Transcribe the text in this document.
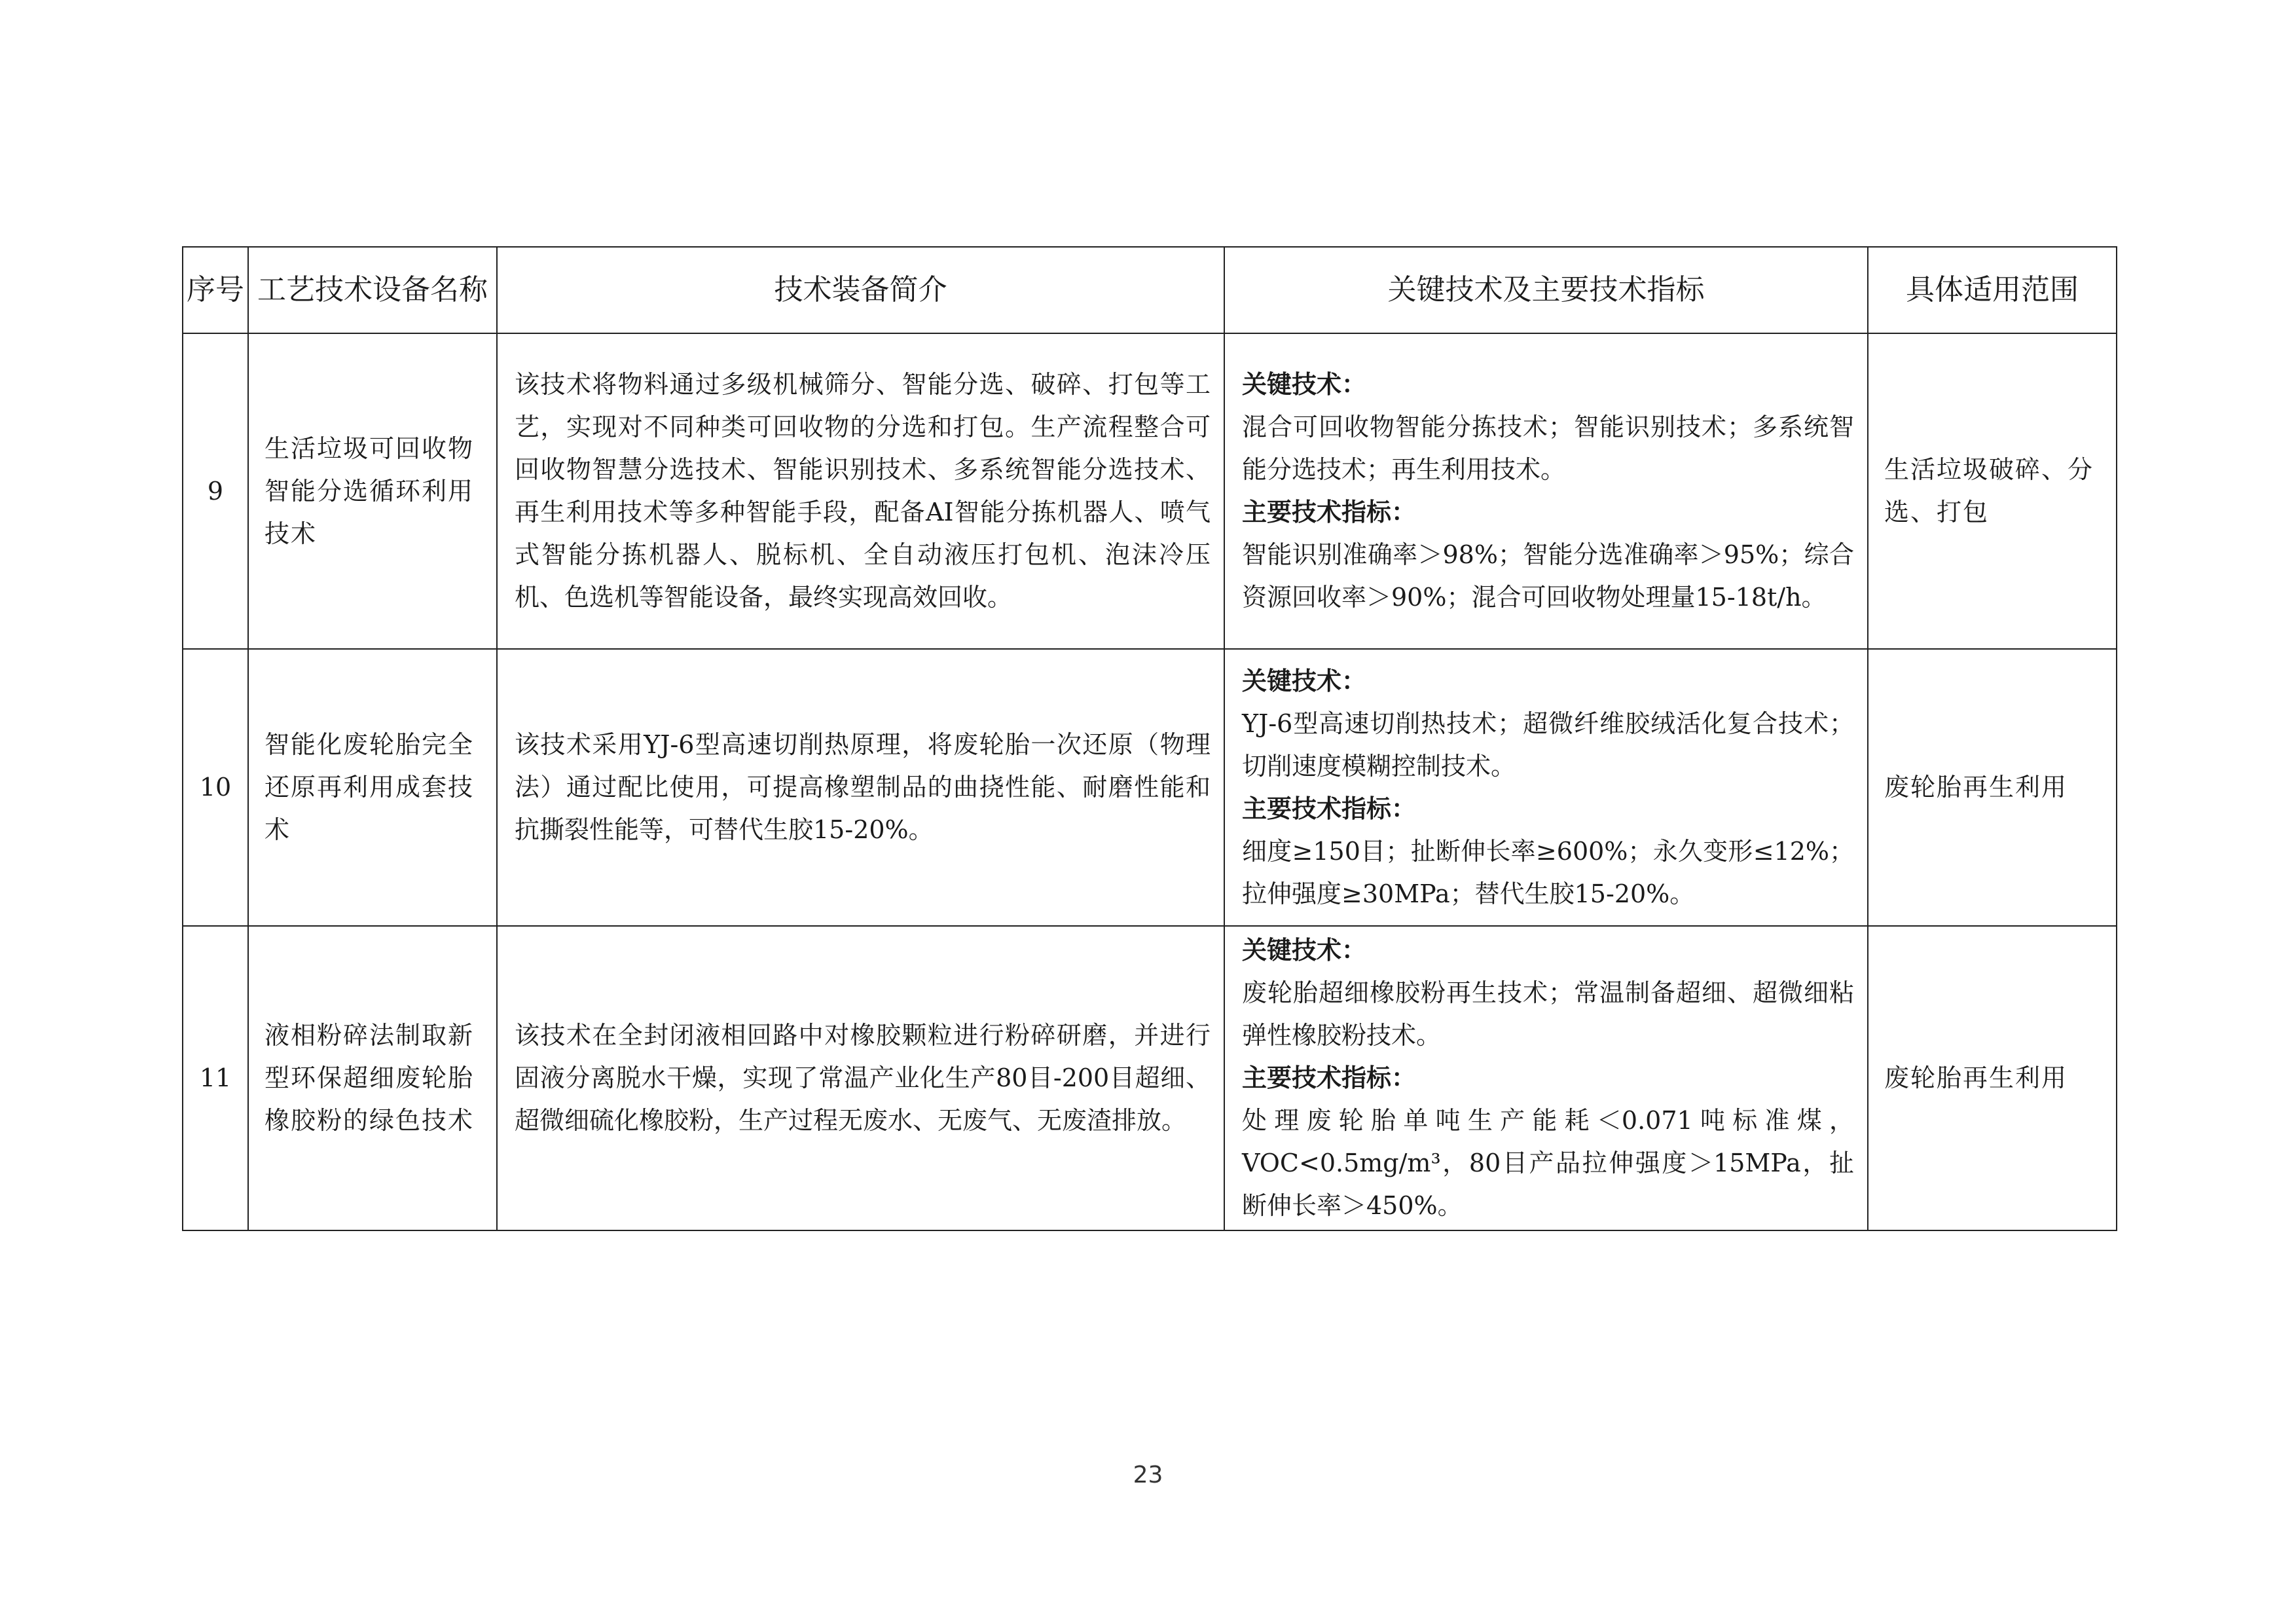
序号	工艺技术设备名称	技术装备简介	关键技术及主要技术指标	具体适用范围
9	生活垃圾可回收物智能分选循环利用技术	该技术将物料通过多级机械筛分、智能分选、破碎、打包等工艺，实现对不同种类可回收物的分选和打包。生产流程整合可回收物智慧分选技术、智能识别技术、多系统智能分选技术、再生利用技术等多种智能手段，配备AI智能分拣机器人、喷气式智能分拣机器人、脱标机、全自动液压打包机、泡沫冷压机、色选机等智能设备，最终实现高效回收。	关键技术：
混合可回收物智能分拣技术；智能识别技术；多系统智能分选技术；再生利用技术。
主要技术指标：
智能识别准确率＞98%；智能分选准确率＞95%；综合资源回收率＞90%；混合可回收物处理量15-18t/h。	生活垃圾破碎、分选、打包
10	智能化废轮胎完全还原再利用成套技术	该技术采用YJ-6型高速切削热原理，将废轮胎一次还原（物理法）通过配比使用，可提高橡塑制品的曲挠性能、耐磨性能和抗撕裂性能等，可替代生胶15-20%。	关键技术：
YJ-6型高速切削热技术；超微纤维胶绒活化复合技术；切削速度模糊控制技术。
主要技术指标：
细度≥150目；扯断伸长率≥600%；永久变形≤12%；拉伸强度≥30MPa；替代生胶15-20%。	废轮胎再生利用
11	液相粉碎法制取新型环保超细废轮胎橡胶粉的绿色技术	该技术在全封闭液相回路中对橡胶颗粒进行粉碎研磨，并进行固液分离脱水干燥，实现了常温产业化生产80目-200目超细、超微细硫化橡胶粉，生产过程无废水、无废气、无废渣排放。	关键技术：
废轮胎超细橡胶粉再生技术；常温制备超细、超微细粘弹性橡胶粉技术。
主要技术指标：
处理废轮胎单吨生产能耗＜0.071吨标准煤，VOC<0.5mg/m³，80目产品拉伸强度＞15MPa，扯断伸长率＞450%。	废轮胎再生利用
23
